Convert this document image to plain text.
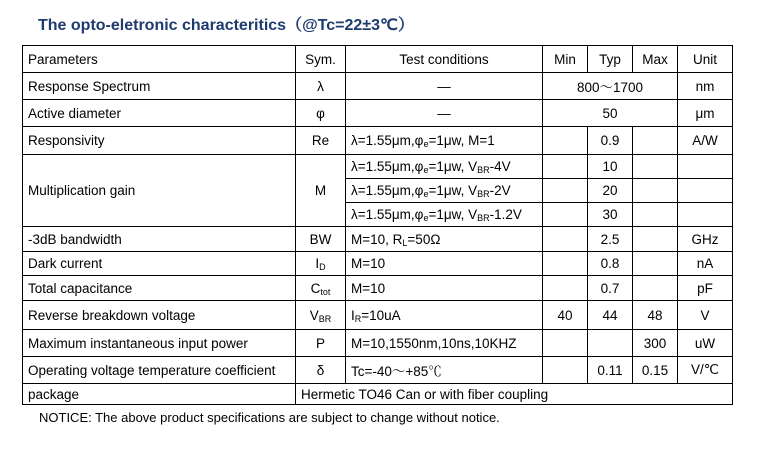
The opto-eletronic characteritics（@Tc=22±3℃）
Parameters	Sym.	Test conditions	Min	Typ	Max	Unit
Response Spectrum	λ	—	800～1700			nm
Active diameter	φ	—	50			μm
Responsivity	Re	$\lambda=1.55\mu m,\varphi_e=1\mu w$, M=1		0.9		A/W
Multiplication gain	M	$\lambda=1.55\mu m,\varphi_e=1\mu w$, $V_{BR}-4V$		10		
		$\lambda=1.55\mu m,\varphi_e=1\mu w$, $V_{BR}-2V$		20		
		$\lambda=1.55\mu m,\varphi_e=1\mu w$, $V_{BR}-1.2V$		30		
-3dB bandwidth	BW	M=10, $R_L=50\Omega$		2.5		GHz
Dark current	$I_D$	M=10		0.8		nA
Total capacitance	$C_{tot}$	M=10		0.7		pF
Reverse breakdown voltage	$V_{BR}$	$I_R=10uA$	40	44	48	V
Maximum instantaneous input power	P	M=10,1550nm,10ns,10KHZ			300	uW
Operating voltage temperature coefficient	δ	Tc=-40～+85℃		0.11	0.15	V/℃
package	Hermetic TO46 Can or with fiber coupling					
NOTICE: The above product specifications are subject to change without notice.
